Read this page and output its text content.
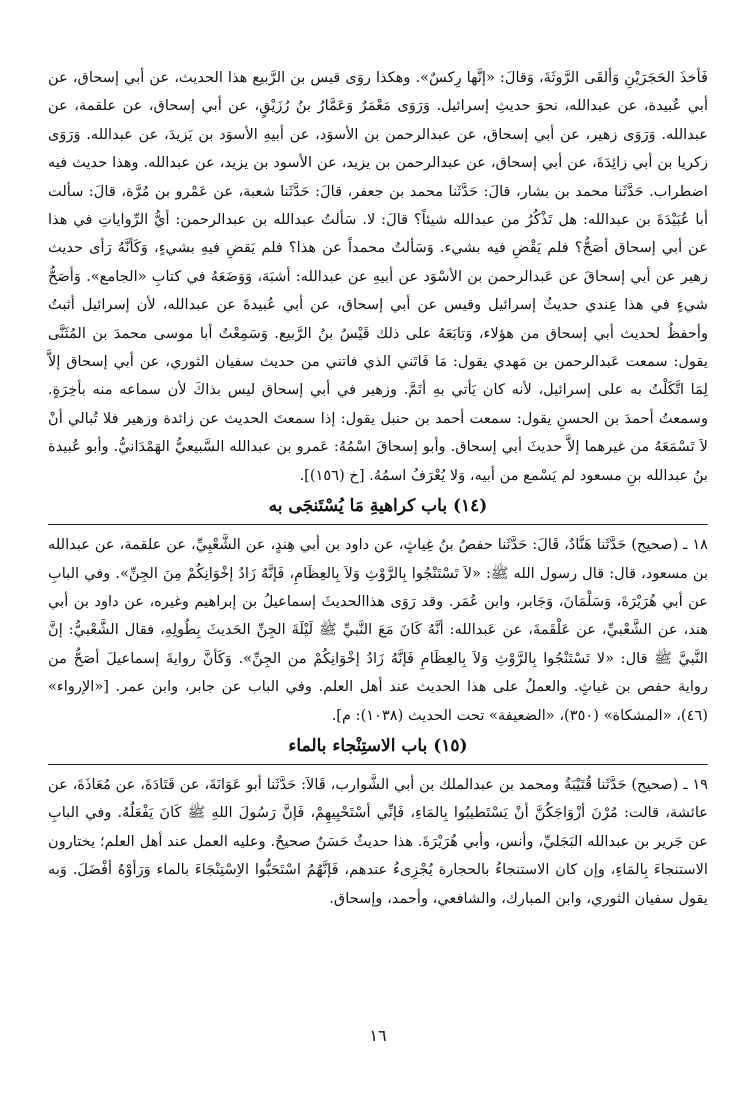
فَأخذَ الحَجَرَيْنِ وَألقَى الرَّوثَةَ، وَقالَ: «إنَّها رِكسٌ». وهكذا روَى قيس بن الرَّبيع هذا الحديث، عن أبي إسحاق، عن أبي عُبيدة، عن عبدالله، نحوَ حديثِ إسرائيل. وَرَوَى مَعْمَرٌ وَعَمَّارُ بنُ رُزَيْقٍ، عن أبي إسحاق، عن علقمة، عن عبدالله. وَرَوَى زهير، عن أبي إسحاق، عن عبدالرحمن بن الأسوَد، عن أبيهِ الأسوَد بن يَزيدَ، عن عبدالله. وَرَوَى زكريا بن أبي زائِدَةَ، عن أبي إسحاق، عن عبدالرحمن بن يزيد، عن الأسود بن يزيد، عن عبدالله. وهذا حديث فيه اضطراب. حَدَّثَنا محمد بن بشار، قالَ: حَدَّثَنا محمد بن جعفر، قالَ: حَدَّثَنا شعبة، عن عَمْرو بن مُرَّة، قالَ: سألت أبا عُبَيْدَةَ بن عبدالله: هل تَذْكُرُ من عبدالله شيئاً؟ قالَ: لا. سَألتُ عبدالله بن عبدالرحمن: أيُّ الرِّواياتِ في هذا عن أبي إسحاق أصَحُّ؟ فلم يَقْضِ فيه بشيء. وَسَألتُ محمداً عن هذا؟ فلم يَقضِ فيهِ بشيءٍ، وَكَأنَّهُ رَأى حديث زهير عن أبي إسحاقَ عن عَبدالرحمن بن الأسْوَد عن أبيهِ عن عبدالله: أشبَهَ، وَوَضَعَهُ في كتابِ «الجامع». وَأصَحُّ شيءٍ في هذا عِندي حديثُ إسرائيل وقيس عن أبي إسحاق، عن أبي عُبيدةَ عن عبدالله، لأن إسرائيل أثبتُ وأحفظُ لحديث أبي إسحاق من هؤلاء، وَتابَعَهُ على ذلك قَيْسُ بنُ الرَّبيع. وَسَمِعْتُ أبا موسى محمدَ بن المُثَنَّى يقول: سمعت عَبدالرحمن بن مَهدي يقول: مَا فَاتَني الذي فاتني من حديث سفيان الثوري، عن أبي إسحاق إلاَّ لِمَا اتَّكَلْتُ به على إسرائيل، لأنه كان يَأتي بهِ أتَمَّ. وزهير في أبي إسحاق ليس بذاكَ لأن سماعه منه بأخِرَةٍ. وسمعتُ أحمدَ بن الحسنِ يقول: سمعت أحمد بن حنبل يقول: إذا سمعتَ الحديث عن زائدة وزهير فلا تُبالي أنْ لاَ تَسْمَعَهُ من غيرهما إلاَّ حديثَ أبي إسحاق. وأبو إسحاقَ اسْمُهُ: عَمرو بن عبدالله السَّبيعيُّ الهَمْدَانيُّ. وأبو عُبيدة بنُ عبدالله بنِ مسعود لم يَسْمع من أبيه، وَلا يُعْرَفُ اسمُهُ. [خ (١٥٦)].

(١٤) باب كراهيةِ مَا يُسْتَنجَى به

١٨ ـ (صحيح) حَدَّثَنا هَنَّادٌ، قَالَ: حَدَّثَنا حفصُ بنُ غِياثٍ، عن داود بن أبي هِندٍ، عن الشَّعْبِيِّ، عن علقمة، عن عبدالله بن مسعود، قال: قال رسول الله ﷺ: «لاَ تَسْتَنْجُوا بِالرَّوْثِ وَلاَ بِالعِظَامِ، فَإنَّهُ زَادُ إخْوَانِكُمْ مِنَ الجِنِّ». وفي البابِ عن أبي هُرَيْرَةَ، وَسَلْمَانَ، وَجَابر، وابن عُمَر. وقد رَوَى هذاالحديثَ إسماعيلُ بن إبراهيم وغيره، عن داود بن أبي هند، عن الشَّعْبيِّ، عن عَلْقَمةَ، عن عَبدالله: أنَّهُ كَانَ مَعَ النَّبيِّ ﷺ لَيْلَةَ الجِنِّ الحَديثَ بِطُولِهِ، فقال الشَّعْبيُّ: إنَّ النَّبيَّ ﷺ قال: «لا تَسْتَنْجُوا بِالرَّوْثِ وَلاَ بِالعِظَامِ فَإنَّهُ زَادُ إخْوَانِكُمْ من الجِنِّ». وَكَأنَّ روايةَ إسماعيلَ أصَحُّ من رواية حفص بن غياثٍ. والعملُ على هذا الحديث عند أهل العلم. وفي الباب عن جابر، وابن عمر. [«الإرواء» (٤٦)، «المشكاة» (٣٥٠)، «الضعيفة» تحت الحديث (١٠٣٨): م].

(١٥) باب الاستِنْجاء بالماء

١٩ ـ (صحيح) حَدَّثَنا قُتَيْبَةُ ومحمد بن عبدالملك بن أبي الشَّوارب، قَالاَ: حَدَّثَنا أبو عَوَانَةَ، عن قَتَادَةَ، عن مُعَاذَةَ، عن عائشة، قالت: مُرْنَ أزْوَاجَكُنَّ أنْ يَسْتَطيبُوا بِالمَاءِ، فَإنِّي أسْتَحْيِيهِمْ، فَإنَّ رَسُولَ اللهِ ﷺ كَانَ يَفْعَلُهُ. وفي البابِ عن جَرير بن عبدالله البَجَليِّ، وأنس، وأبي هُرَيْرَةَ. هذا حديثٌ حَسَنٌ صحيحٌ. وعليه العمل عند أهل العلم؛ يختارون الاستنجاءَ بِالمَاءِ، وإن كان الاستنجاءُ بالحجارة يُجْزِىءُ عندهم، فَإنَّهُمُ اسْتَحَبُّوا الاِسْتِنْجَاءَ بالماء وَرَأوْهُ أفْضَلَ. وَبه يقول سفيان الثوري، وابن المبارك، والشافعي، وأحمد، وإسحاق.

١٦
